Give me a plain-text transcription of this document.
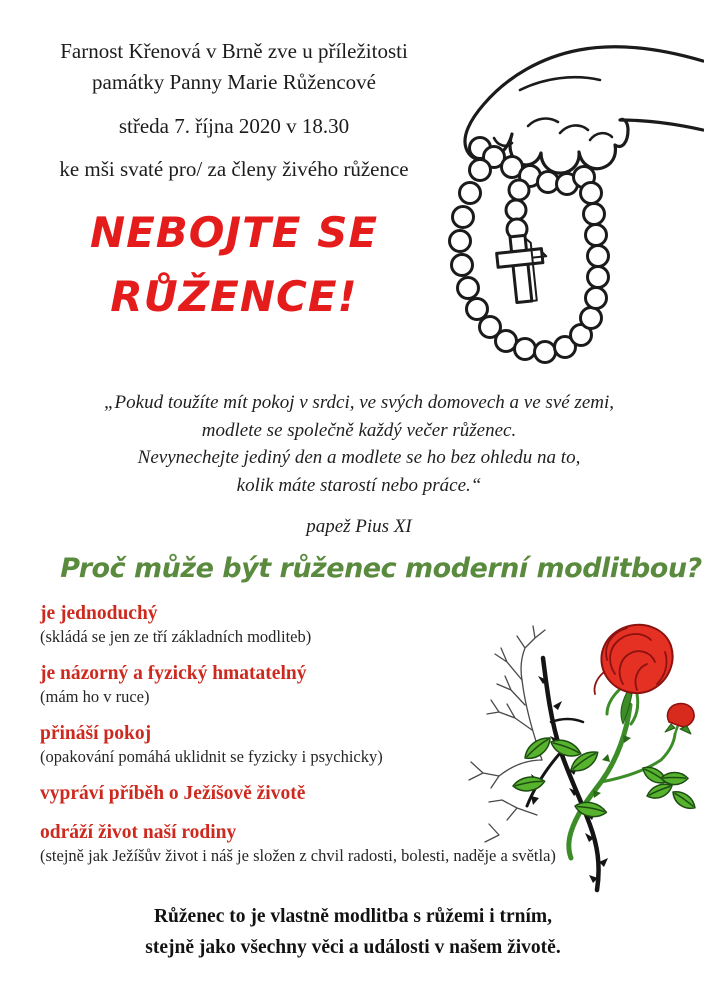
Farnost Křenová v Brně zve u příležitosti
památky Panny Marie Růžencové
středa 7. října 2020 v 18.30
ke mši svaté pro/ za členy živého růžence
NEBOJTE SE
RŮŽENCE!
„Pokud toužíte mít pokoj v srdci, ve svých domovech a ve své zemi,
modlete se společně každý večer růženec.
Nevynechejte jediný den a modlete se ho bez ohledu na to,
kolik máte starostí nebo práce.“
papež Pius XI
Proč může být růženec moderní modlitbou?
je jednoduchý
(skládá se jen ze tří základních modliteb)
je názorný a fyzický hmatatelný
(mám ho v ruce)
přináší pokoj
(opakování pomáhá uklidnit se fyzicky i psychicky)
vypráví příběh o Ježíšově životě
odráží život naší rodiny
(stejně jak Ježíšův život i náš je složen z chvil radosti, bolesti, naděje a světla)
Růženec to je vlastně modlitba s růžemi i trním,
stejně jako všechny věci a události v našem životě.
